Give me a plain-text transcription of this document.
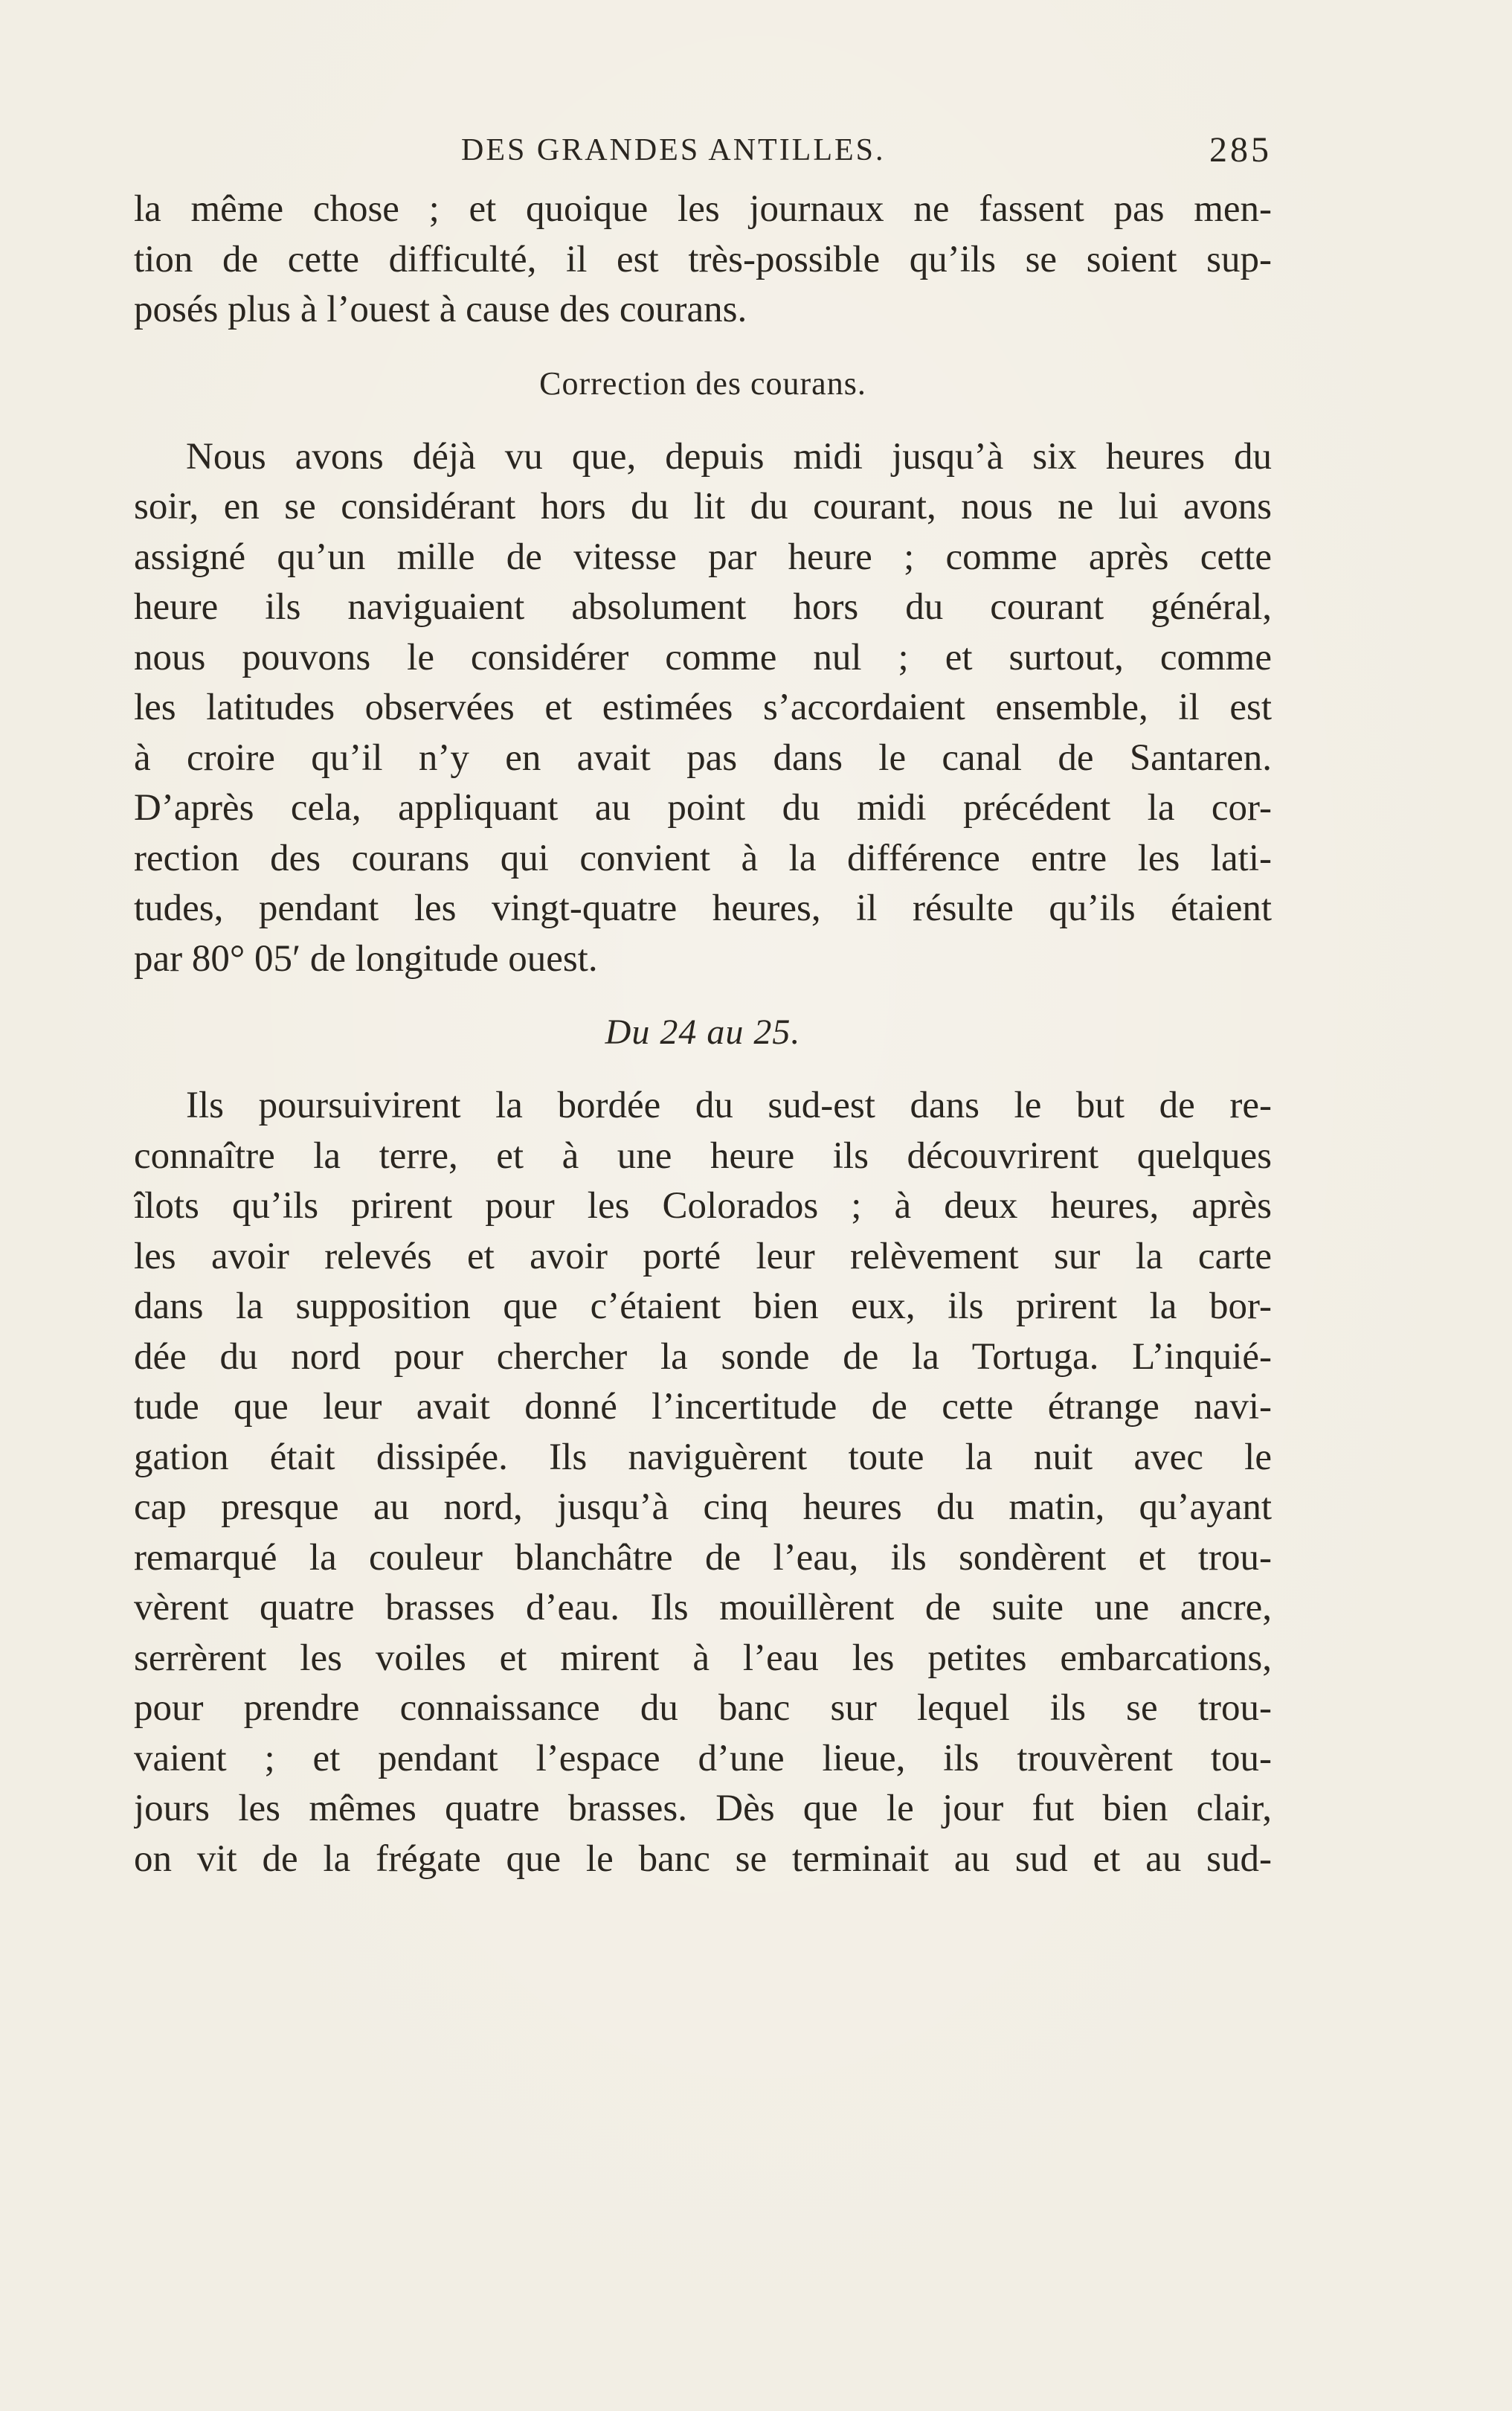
DES GRANDES ANTILLES.	285
la même chose ; et quoique les journaux ne fassent pas men-
tion de cette difficulté, il est très-possible qu’ils se soient sup-
posés plus à l’ouest à cause des courans.
Correction des courans.
Nous avons déjà vu que, depuis midi jusqu’à six heures du
soir, en se considérant hors du lit du courant, nous ne lui avons
assigné qu’un mille de vitesse par heure ; comme après cette
heure ils naviguaient absolument hors du courant général,
nous pouvons le considérer comme nul ; et surtout, comme
les latitudes observées et estimées s’accordaient ensemble, il est
à croire qu’il n’y en avait pas dans le canal de Santaren.
D’après cela, appliquant au point du midi précédent la cor-
rection des courans qui convient à la différence entre les lati-
tudes, pendant les vingt-quatre heures, il résulte qu’ils étaient
par 80° 05′ de longitude ouest.
Du 24 au 25.
Ils poursuivirent la bordée du sud-est dans le but de re-
connaître la terre, et à une heure ils découvrirent quelques
îlots qu’ils prirent pour les Colorados ; à deux heures, après
les avoir relevés et avoir porté leur relèvement sur la carte
dans la supposition que c’étaient bien eux, ils prirent la bor-
dée du nord pour chercher la sonde de la Tortuga. L’inquié-
tude que leur avait donné l’incertitude de cette étrange navi-
gation était dissipée. Ils naviguèrent toute la nuit avec le
cap presque au nord, jusqu’à cinq heures du matin, qu’ayant
remarqué la couleur blanchâtre de l’eau, ils sondèrent et trou-
vèrent quatre brasses d’eau. Ils mouillèrent de suite une ancre,
serrèrent les voiles et mirent à l’eau les petites embarcations,
pour prendre connaissance du banc sur lequel ils se trou-
vaient ; et pendant l’espace d’une lieue, ils trouvèrent tou-
jours les mêmes quatre brasses. Dès que le jour fut bien clair,
on vit de la frégate que le banc se terminait au sud et au sud-
